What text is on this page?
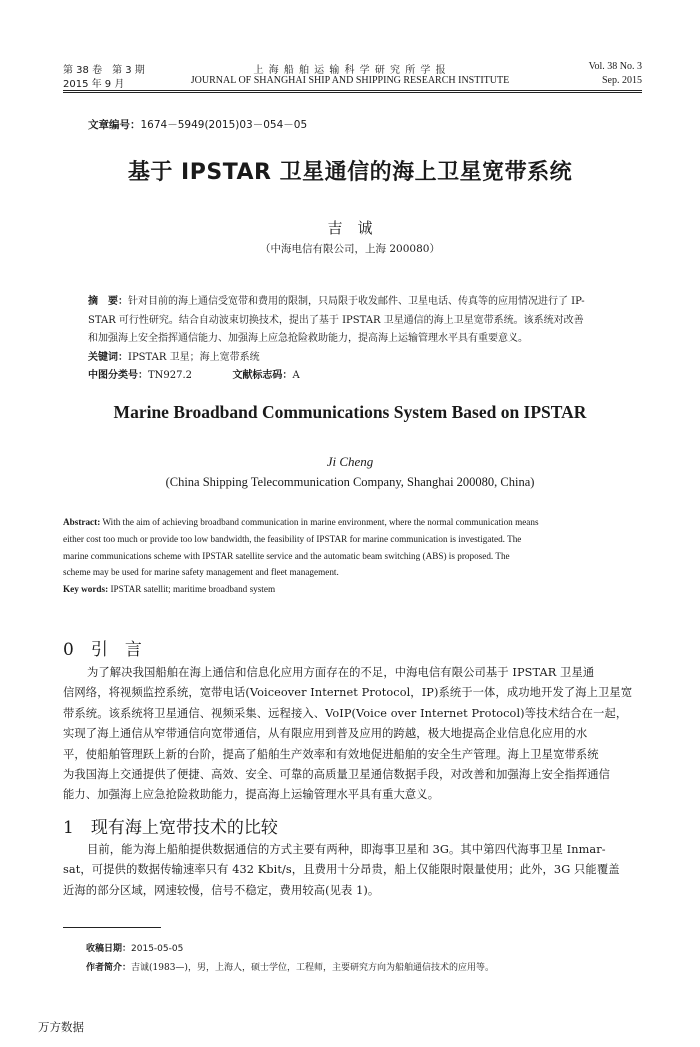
第 38 卷　第 3 期
2015 年 9 月
上 海 船 舶 运 输 科 学 研 究 所 学 报
JOURNAL OF SHANGHAI SHIP AND SHIPPING RESEARCH INSTITUTE
Vol. 38 No. 3
Sep. 2015
文章编号：1674－5949(2015)03－054－05
基于 IPSTAR 卫星通信的海上卫星宽带系统
吉　诚
（中海电信有限公司，上海 200080）
摘　要：针对目前的海上通信受宽带和费用的限制，只局限于收发邮件、卫星电话、传真等的应用情况进行了 IP-
STAR 可行性研究。结合自动波束切换技术，提出了基于 IPSTAR 卫星通信的海上卫星宽带系统。该系统对改善
和加强海上安全指挥通信能力、加强海上应急抢险救助能力，提高海上运输管理水平具有重要意义。
关键词：IPSTAR 卫星；海上宽带系统
中图分类号：TN927.2	文献标志码：A
Marine Broadband Communications System Based on IPSTAR
Ji Cheng
(China Shipping Telecommunication Company, Shanghai 200080, China)
Abstract: With the aim of achieving broadband communication in marine environment, where the normal communication means
either cost too much or provide too low bandwidth, the feasibility of IPSTAR for marine communication is investigated. The
marine communications scheme with IPSTAR satellite service and the automatic beam switching (ABS) is proposed. The
scheme may be used for marine safety management and fleet management.
Key words: IPSTAR satellit; maritime broadband system
0　引　言
为了解决我国船舶在海上通信和信息化应用方面存在的不足，中海电信有限公司基于 IPSTAR 卫星通
信网络，将视频监控系统，宽带电话(Voiceover Internet Protocol，IP)系统于一体，成功地开发了海上卫星宽
带系统。该系统将卫星通信、视频采集、远程接入、VoIP(Voice over Internet Protocol)等技术结合在一起，
实现了海上通信从窄带通信向宽带通信，从有限应用到普及应用的跨越，极大地提高企业信息化应用的水
平，使船舶管理跃上新的台阶，提高了船舶生产效率和有效地促进船舶的安全生产管理。海上卫星宽带系统
为我国海上交通提供了便捷、高效、安全、可靠的高质量卫星通信数据手段，对改善和加强海上安全指挥通信
能力、加强海上应急抢险救助能力，提高海上运输管理水平具有重大意义。
1　现有海上宽带技术的比较
目前，能为海上船舶提供数据通信的方式主要有两种，即海事卫星和 3G。其中第四代海事卫星 Inmar-
sat，可提供的数据传输速率只有 432 Kbit/s，且费用十分昂贵，船上仅能限时限量使用；此外，3G 只能覆盖
近海的部分区域，网速较慢，信号不稳定，费用较高(见表 1)。
收稿日期：2015-05-05
作者简介：吉诚(1983—)，男，上海人，硕士学位，工程师，主要研究方向为船舶通信技术的应用等。
万方数据
